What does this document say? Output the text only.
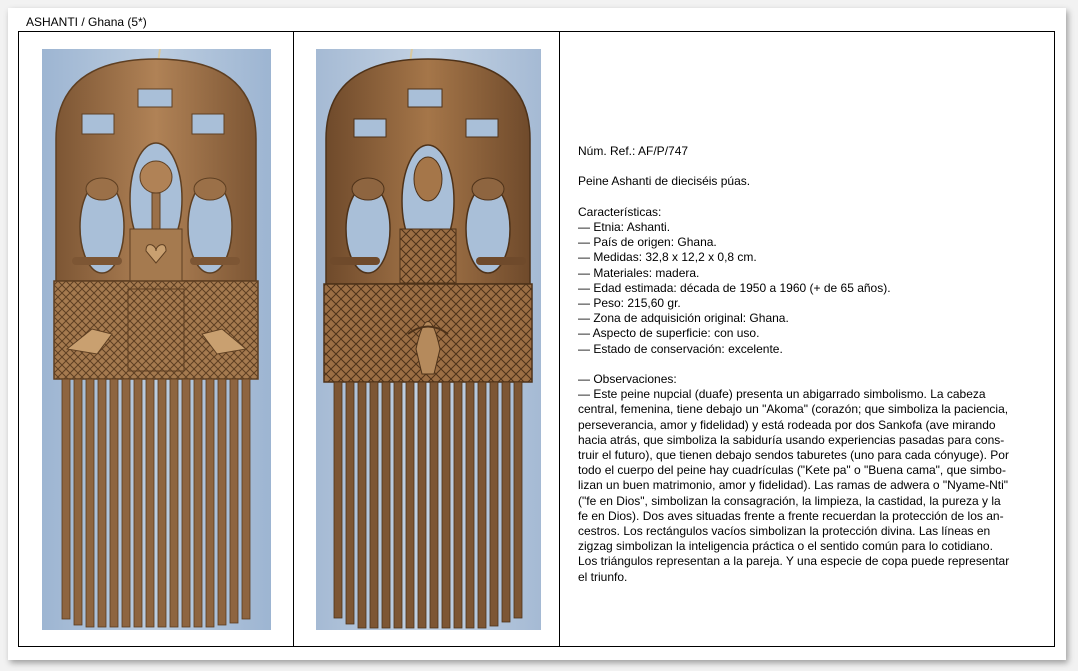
ASHANTI / Ghana (5*)

Núm. Ref.: AF/P/747

Peine Ashanti de dieciséis púas.

Características:

— Etnia: Ashanti.

— País de origen: Ghana.

— Medidas: 32,8 x 12,2 x 0,8 cm.

— Materiales: madera.

— Edad estimada: década de 1950 a 1960 (+ de 65 años).

— Peso: 215,60 gr.

— Zona de adquisición original: Ghana.

— Aspecto de superficie: con uso.

— Estado de conservación: excelente.

— Observaciones:

— Este peine nupcial (duafe) presenta un abigarrado simbolismo. La cabeza

central, femenina, tiene debajo un "Akoma" (corazón; que simboliza la paciencia,

perseverancia, amor y fidelidad) y está rodeada por dos Sankofa (ave mirando

hacia atrás, que simboliza la sabiduría usando experiencias pasadas para cons-

truir el futuro), que tienen debajo sendos taburetes (uno para cada cónyuge). Por

todo el cuerpo del peine hay cuadrículas ("Kete pa" o "Buena cama", que simbo-

lizan un buen matrimonio, amor y fidelidad). Las ramas de adwera o "Nyame-Nti"

("fe en Dios", simbolizan la consagración, la limpieza, la castidad, la pureza y la

fe en Dios). Dos aves situadas frente a frente recuerdan la protección de los an-

cestros. Los rectángulos vacíos simbolizan la protección divina. Las líneas en

zigzag simbolizan la inteligencia práctica o el sentido común para lo cotidiano.

Los triángulos representan a la pareja. Y una especie de copa puede representar

el triunfo.
